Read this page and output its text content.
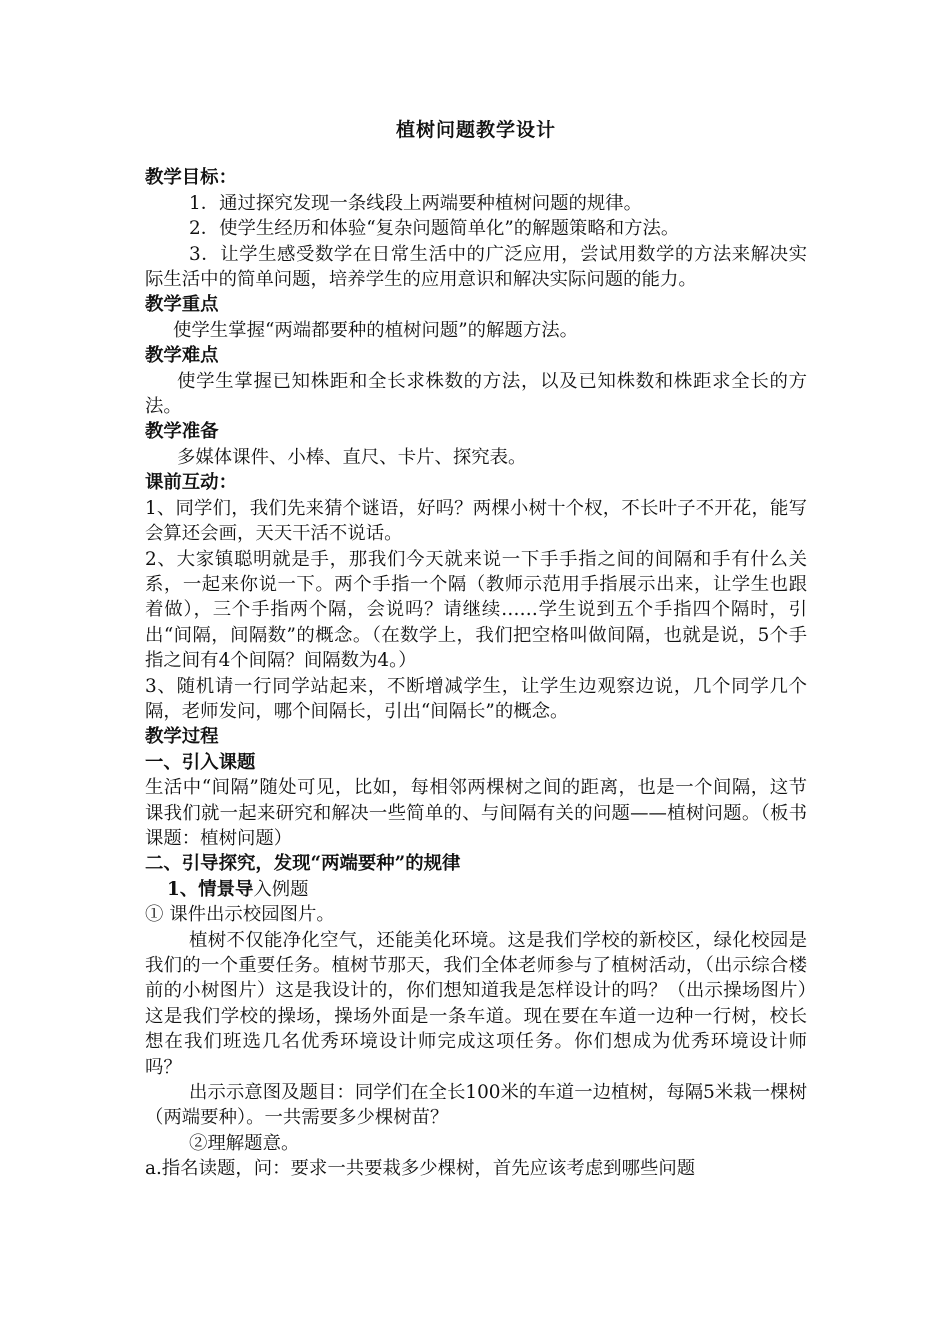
植树问题教学设计

教学目标：

1．通过探究发现一条线段上两端要种植树问题的规律。

2．使学生经历和体验“复杂问题简单化”的解题策略和方法。

3．让学生感受数学在日常生活中的广泛应用，尝试用数学的方法来解决实际生活中的简单问题，培养学生的应用意识和解决实际问题的能力。

教学重点

使学生掌握“两端都要种的植树问题”的解题方法。

教学难点

使学生掌握已知株距和全长求株数的方法，以及已知株数和株距求全长的方法。

教学准备

多媒体课件、小棒、直尺、卡片、探究表。

课前互动：

1、同学们，我们先来猜个谜语，好吗？两棵小树十个杈，不长叶子不开花，能写会算还会画，天天干活不说话。

2、大家镇聪明就是手，那我们今天就来说一下手手指之间的间隔和手有什么关系，一起来你说一下。两个手指一个隔（教师示范用手指展示出来，让学生也跟着做），三个手指两个隔，会说吗？请继续……学生说到五个手指四个隔时，引出“间隔，间隔数”的概念。（在数学上，我们把空格叫做间隔，也就是说，5个手指之间有4个间隔？间隔数为4。）

3、随机请一行同学站起来，不断增减学生，让学生边观察边说，几个同学几个隔，老师发问，哪个间隔长，引出“间隔长”的概念。

教学过程

一、引入课题

生活中“间隔”随处可见，比如，每相邻两棵树之间的距离，也是一个间隔，这节课我们就一起来研究和解决一些简单的、与间隔有关的问题——植树问题。（板书课题：植树问题）

二、引导探究，发现“两端要种”的规律

1、情景导入例题

① 课件出示校园图片。

植树不仅能净化空气，还能美化环境。这是我们学校的新校区，绿化校园是我们的一个重要任务。植树节那天，我们全体老师参与了植树活动，（出示综合楼前的小树图片）这是我设计的，你们想知道我是怎样设计的吗？（出示操场图片）这是我们学校的操场，操场外面是一条车道。现在要在车道一边种一行树，校长想在我们班选几名优秀环境设计师完成这项任务。你们想成为优秀环境设计师吗？

出示示意图及题目：同学们在全长100米的车道一边植树，每隔5米栽一棵树（两端要种）。一共需要多少棵树苗？

②理解题意。

a.指名读题，问：要求一共要栽多少棵树，首先应该考虑到哪些问题
